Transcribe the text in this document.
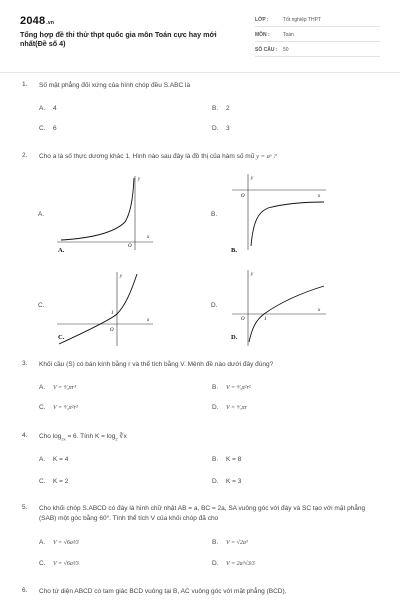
2048.vn
Tổng hợp đề thi thử thpt quốc gia môn Toán cực hay mới nhất(Đề số 4)
LỚP :	Tốt nghiệp THPT
MÔN :	Toán
SỐ CÂU : 50
1. Số mặt phẳng đối xứng của hình chóp đều S.ABC là
A. 4	B. 2
C. 6	D. 3
2. Cho a là số thực dương khác 1. Hình nào sau đây là đồ thị của hàm số mũ y = aˣ ?
A.
y
x
O
A.
B.
y
x
O
B.
C.
y
x
O
1
C.
D.
y
x
O	1
D.
3. Khối cầu (S) có bán kính bằng r và thể tích bằng V. Mệnh đề nào dưới đây đúng?
A. V = ⁴⁄₃πr³	B. V = ⁴⁄₃π²r²
C. V = ⁴⁄₃π²r³	D. V = ⁴⁄₃πr
4. Cho $\log_{2x} = 6$. Tính $K = \log_2$ ∛x
A. K = 4	B. K = 8
C. K = 2	D. K = 3
5. Cho khối chóp S.ABCD có đáy là hình chữ nhật AB = a, BC = 2a, SA vuông góc với đáy và SC tạo với mặt phẳng (SAB) một góc bằng 60°. Tính thể tích V của khối chóp đã cho
A. V = √6a³⁄3	B. V = √2a³
C. V = √6a³⁄3	D. V = 2a³√3⁄3
6. Cho tứ diện ABCD có tam giác BCD vuông tại B, AC vuông góc với mặt phẳng (BCD),
